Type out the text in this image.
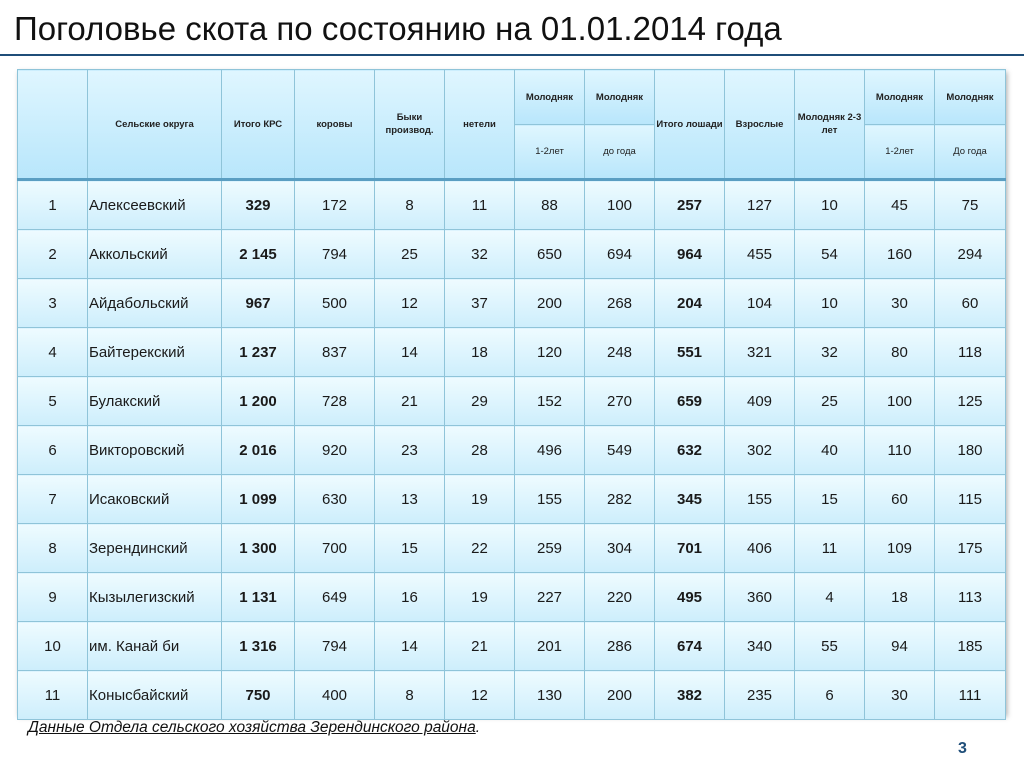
Поголовье скота по состоянию на 01.01.2014 года
	Сельские округа	Итого КРС	коровы	Быки производ.	нетели	Молодняк	Молодняк	Итого лошади	Взрослые	Молодняк 2-3 лет	Молодняк	Молодняк
						1-2лет	до года				1-2лет	До года
1	Алексеевский	329	172	8	11	88	100	257	127	10	45	75
2	Аккольский	2 145	794	25	32	650	694	964	455	54	160	294
3	Айдабольский	967	500	12	37	200	268	204	104	10	30	60
4	Байтерекский	1 237	837	14	18	120	248	551	321	32	80	118
5	Булакский	1 200	728	21	29	152	270	659	409	25	100	125
6	Викторовский	2 016	920	23	28	496	549	632	302	40	110	180
7	Исаковский	1 099	630	13	19	155	282	345	155	15	60	115
8	Зерендинский	1 300	700	15	22	259	304	701	406	11	109	175
9	Кызылегизский	1 131	649	16	19	227	220	495	360	4	18	113
10	им. Канай би	1 316	794	14	21	201	286	674	340	55	94	185
11	Конысбайский	750	400	8	12	130	200	382	235	6	30	111
Данные Отдела сельского хозяйства Зерендинского района.
3
